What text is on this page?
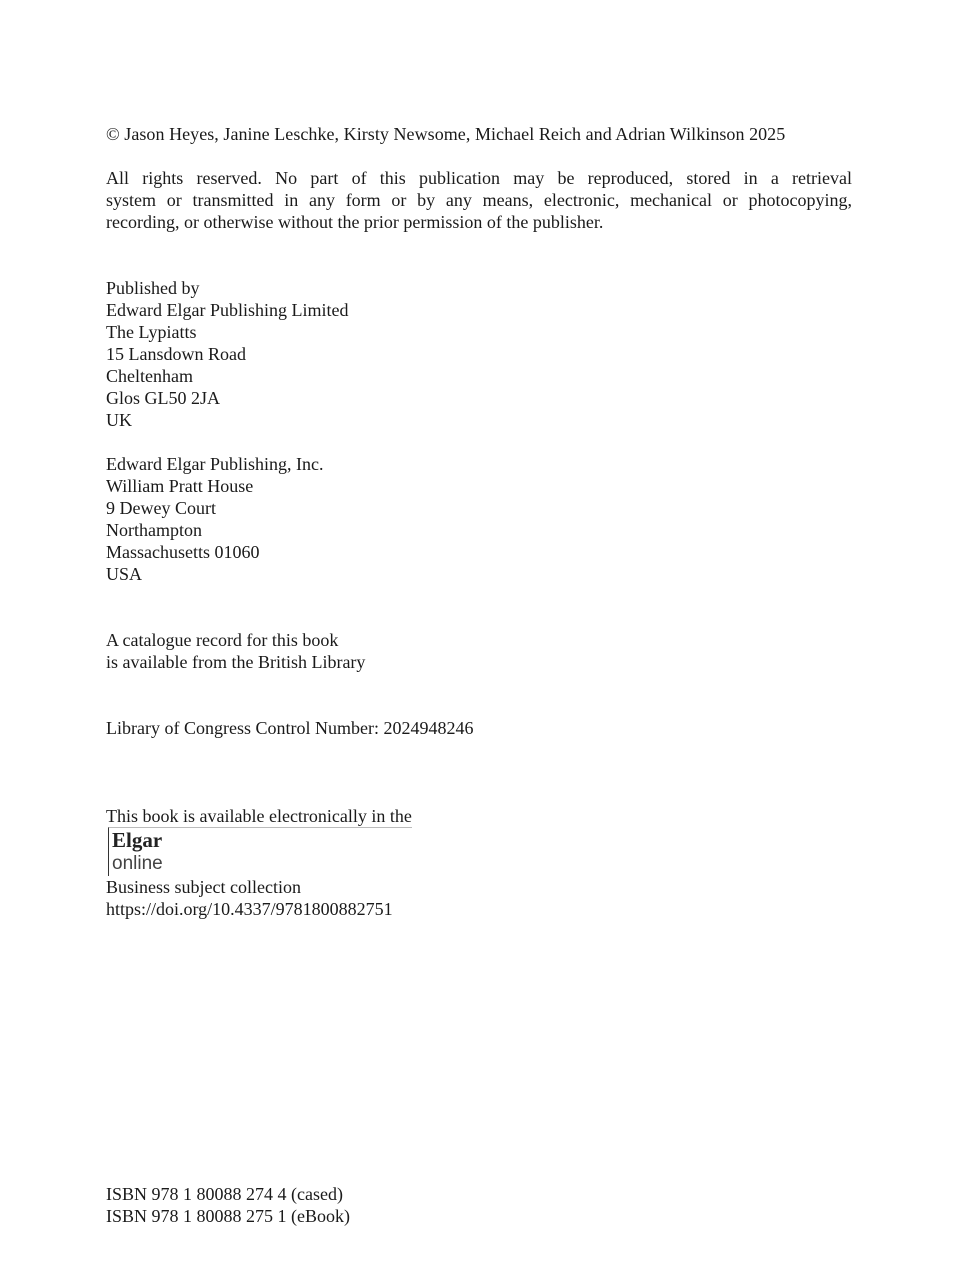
© Jason Heyes, Janine Leschke, Kirsty Newsome, Michael Reich and Adrian Wilkinson 2025

All rights reserved. No part of this publication may be reproduced, stored in a retrieval
system or transmitted in any form or by any means, electronic, mechanical or photocopying,
recording, or otherwise without the prior permission of the publisher.

Published by
Edward Elgar Publishing Limited
The Lypiatts
15 Lansdown Road
Cheltenham
Glos GL50 2JA
UK
Edward Elgar Publishing, Inc.
William Pratt House
9 Dewey Court
Northampton
Massachusetts 01060
USA
A catalogue record for this book
is available from the British Library
Library of Congress Control Number: 2024948246
This book is available electronically in the
Elgar
online
Business subject collection
https://doi.org/10.4337/9781800882751
ISBN 978 1 80088 274 4 (cased)
ISBN 978 1 80088 275 1 (eBook)
